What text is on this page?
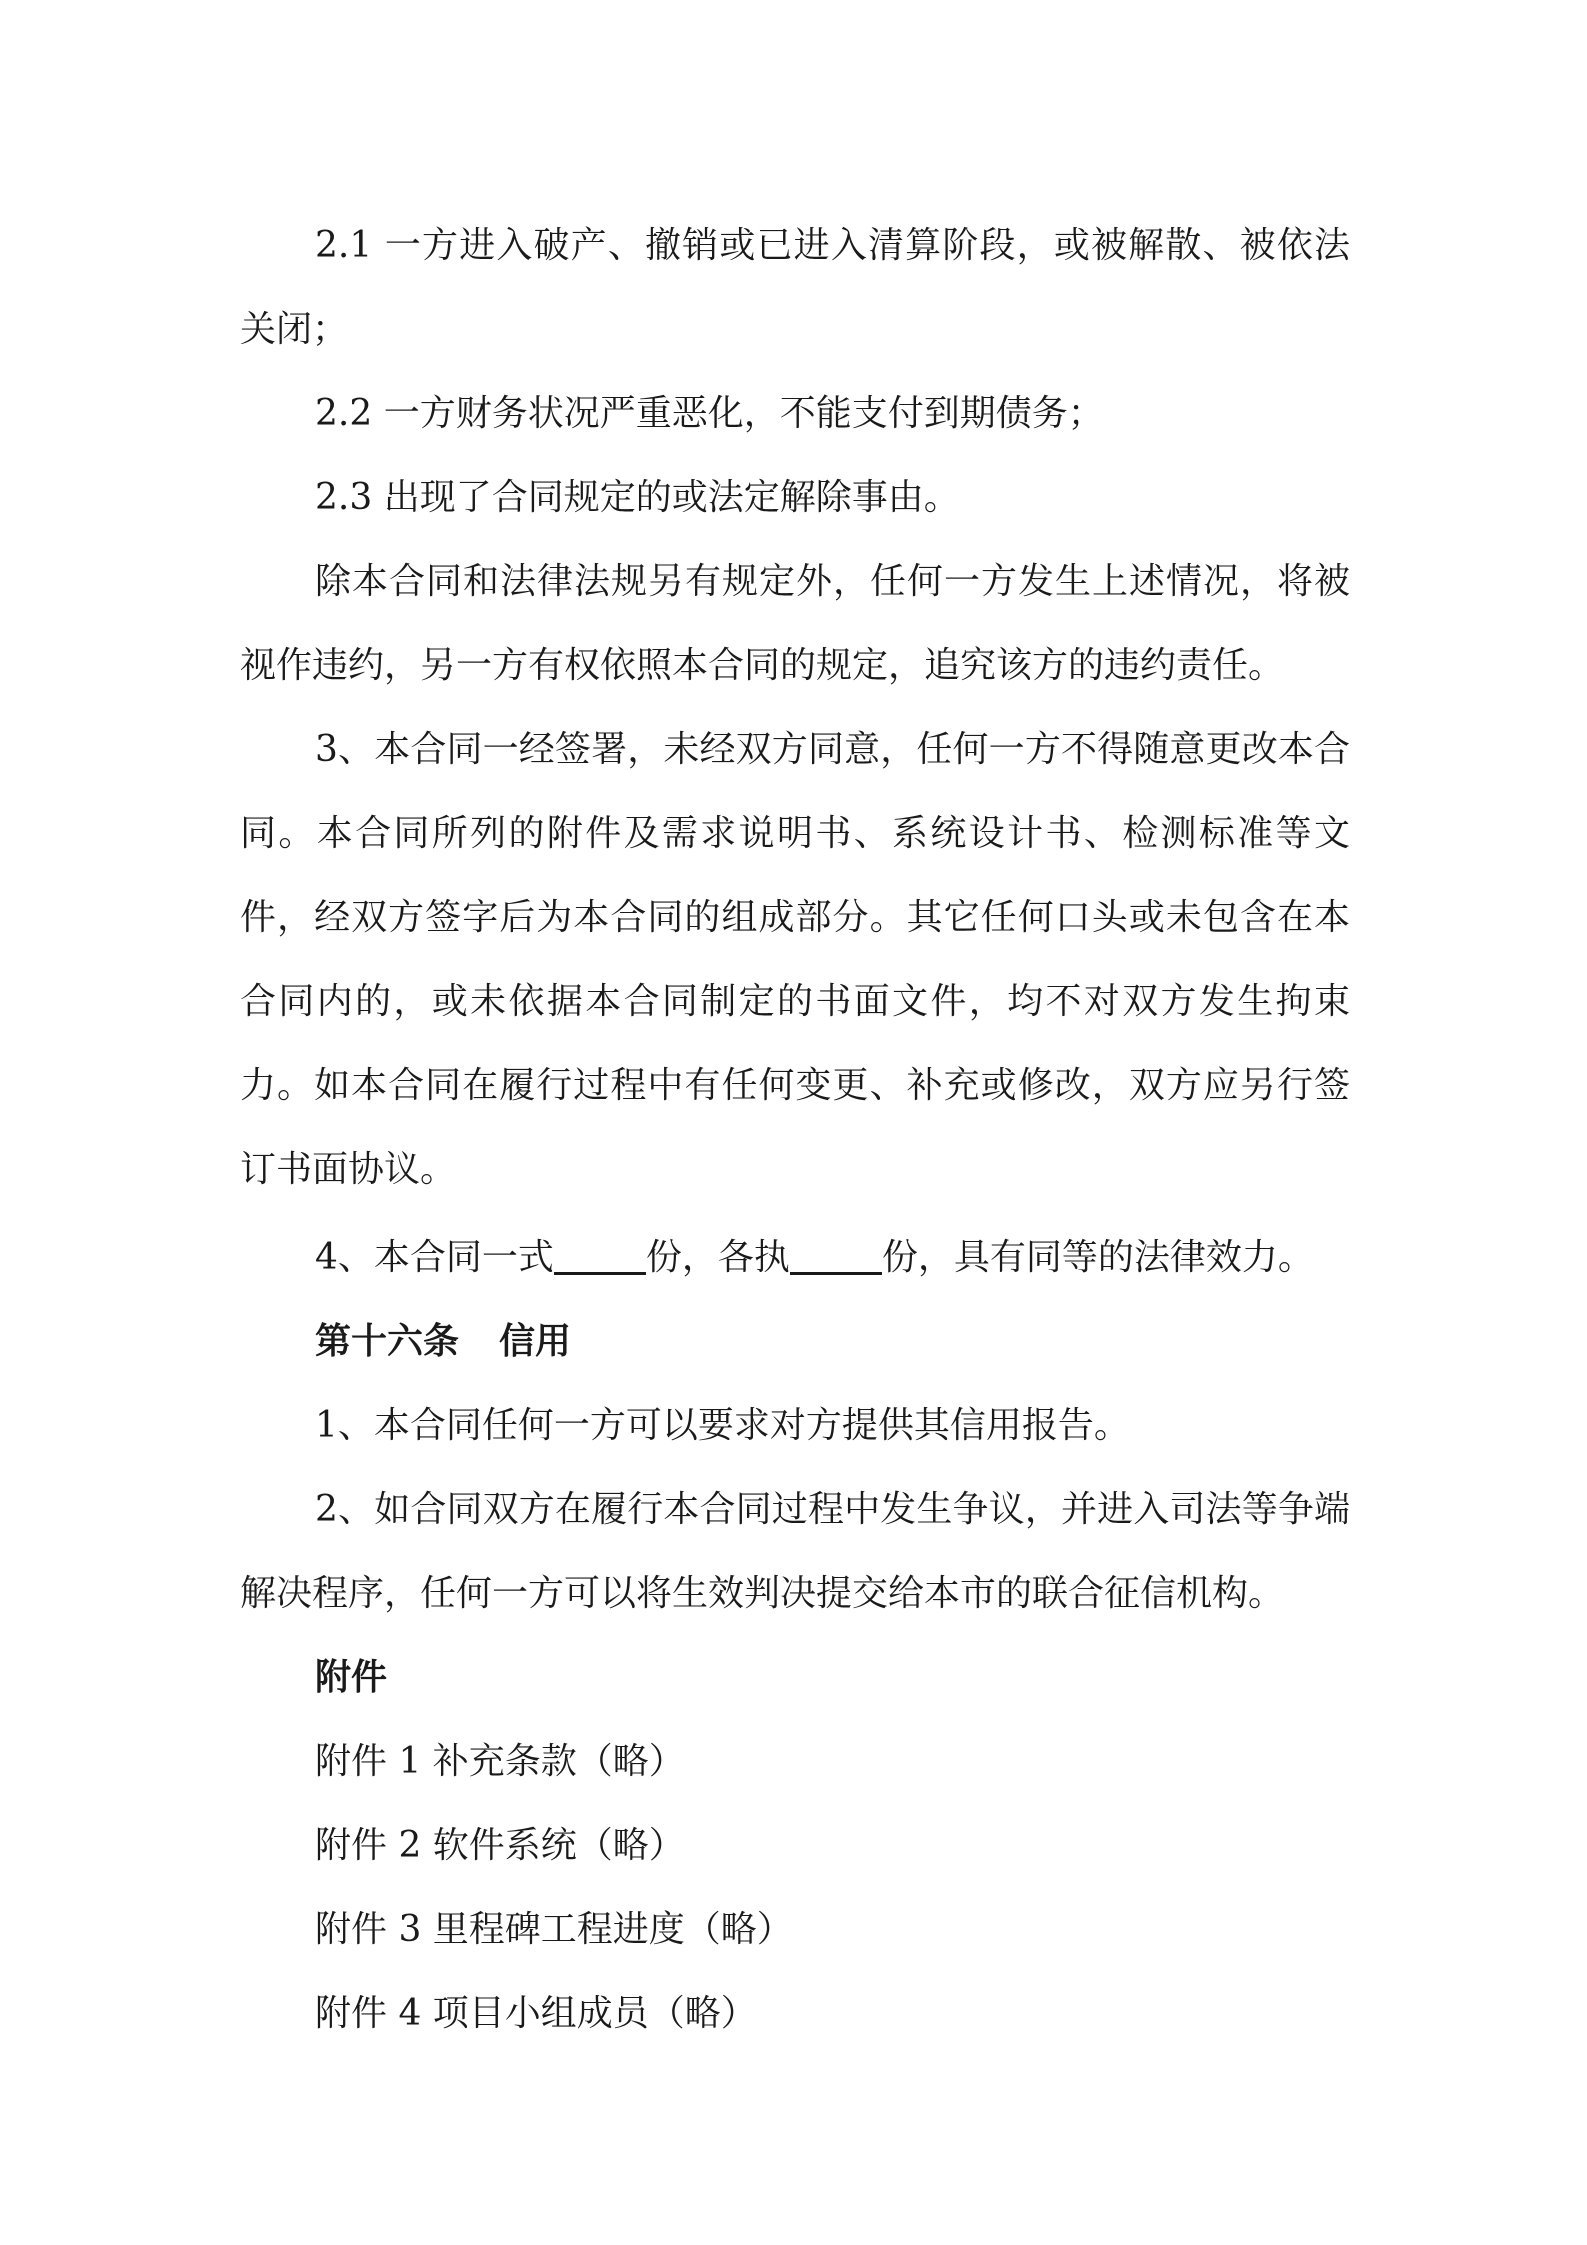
2.1 一方进入破产、撤销或已进入清算阶段，或被解散、被依法关闭；

2.2 一方财务状况严重恶化，不能支付到期债务；

2.3 出现了合同规定的或法定解除事由。

除本合同和法律法规另有规定外，任何一方发生上述情况，将被视作违约，另一方有权依照本合同的规定，追究该方的违约责任。

3、本合同一经签署，未经双方同意，任何一方不得随意更改本合同。本合同所列的附件及需求说明书、系统设计书、检测标准等文件，经双方签字后为本合同的组成部分。其它任何口头或未包含在本合同内的，或未依据本合同制定的书面文件，均不对双方发生拘束力。如本合同在履行过程中有任何变更、补充或修改，双方应另行签订书面协议。

4、本合同一式	份，各执	份，具有同等的法律效力。

第十六条 信用

1、本合同任何一方可以要求对方提供其信用报告。

2、如合同双方在履行本合同过程中发生争议，并进入司法等争端解决程序，任何一方可以将生效判决提交给本市的联合征信机构。

附件

附件 1 补充条款（略）

附件 2 软件系统（略）

附件 3 里程碑工程进度（略）

附件 4 项目小组成员（略）
